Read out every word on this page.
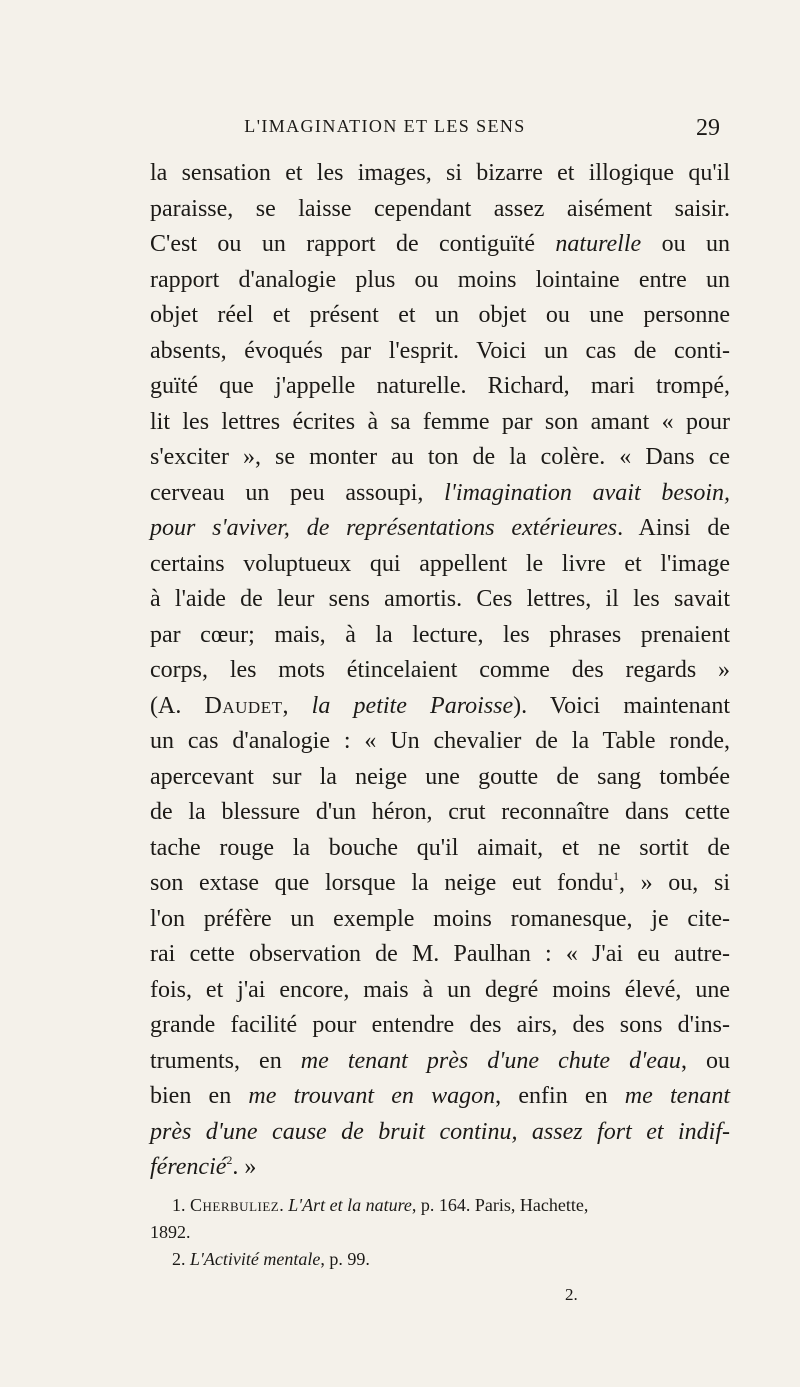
L'IMAGINATION ET LES SENS	29
la sensation et les images, si bizarre et illogique qu'il
paraisse, se laisse cependant assez aisément saisir.
C'est ou un rapport de contiguïté naturelle ou un
rapport d'analogie plus ou moins lointaine entre un
objet réel et présent et un objet ou une personne
absents, évoqués par l'esprit. Voici un cas de conti-
guïté que j'appelle naturelle. Richard, mari trompé,
lit les lettres écrites à sa femme par son amant « pour
s'exciter », se monter au ton de la colère. « Dans ce
cerveau un peu assoupi, l'imagination avait besoin,
pour s'aviver, de représentations extérieures. Ainsi de
certains voluptueux qui appellent le livre et l'image
à l'aide de leur sens amortis. Ces lettres, il les savait
par cœur; mais, à la lecture, les phrases prenaient
corps, les mots étincelaient comme des regards »
(A. Daudet, la petite Paroisse). Voici maintenant
un cas d'analogie : « Un chevalier de la Table ronde,
apercevant sur la neige une goutte de sang tombée
de la blessure d'un héron, crut reconnaître dans cette
tache rouge la bouche qu'il aimait, et ne sortit de
son extase que lorsque la neige eut fondu$^1$, » ou, si
l'on préfère un exemple moins romanesque, je cite-
rai cette observation de M. Paulhan : « J'ai eu autre-
fois, et j'ai encore, mais à un degré moins élevé, une
grande facilité pour entendre des airs, des sons d'ins-
truments, en me tenant près d'une chute d'eau, ou
bien en me trouvant en wagon, enfin en me tenant
près d'une cause de bruit continu, assez fort et indif-
férencié$^2$. »
1. Cherbuliez. L'Art et la nature, p. 164. Paris, Hachette,
1892.
2. L'Activité mentale, p. 99.
2.
